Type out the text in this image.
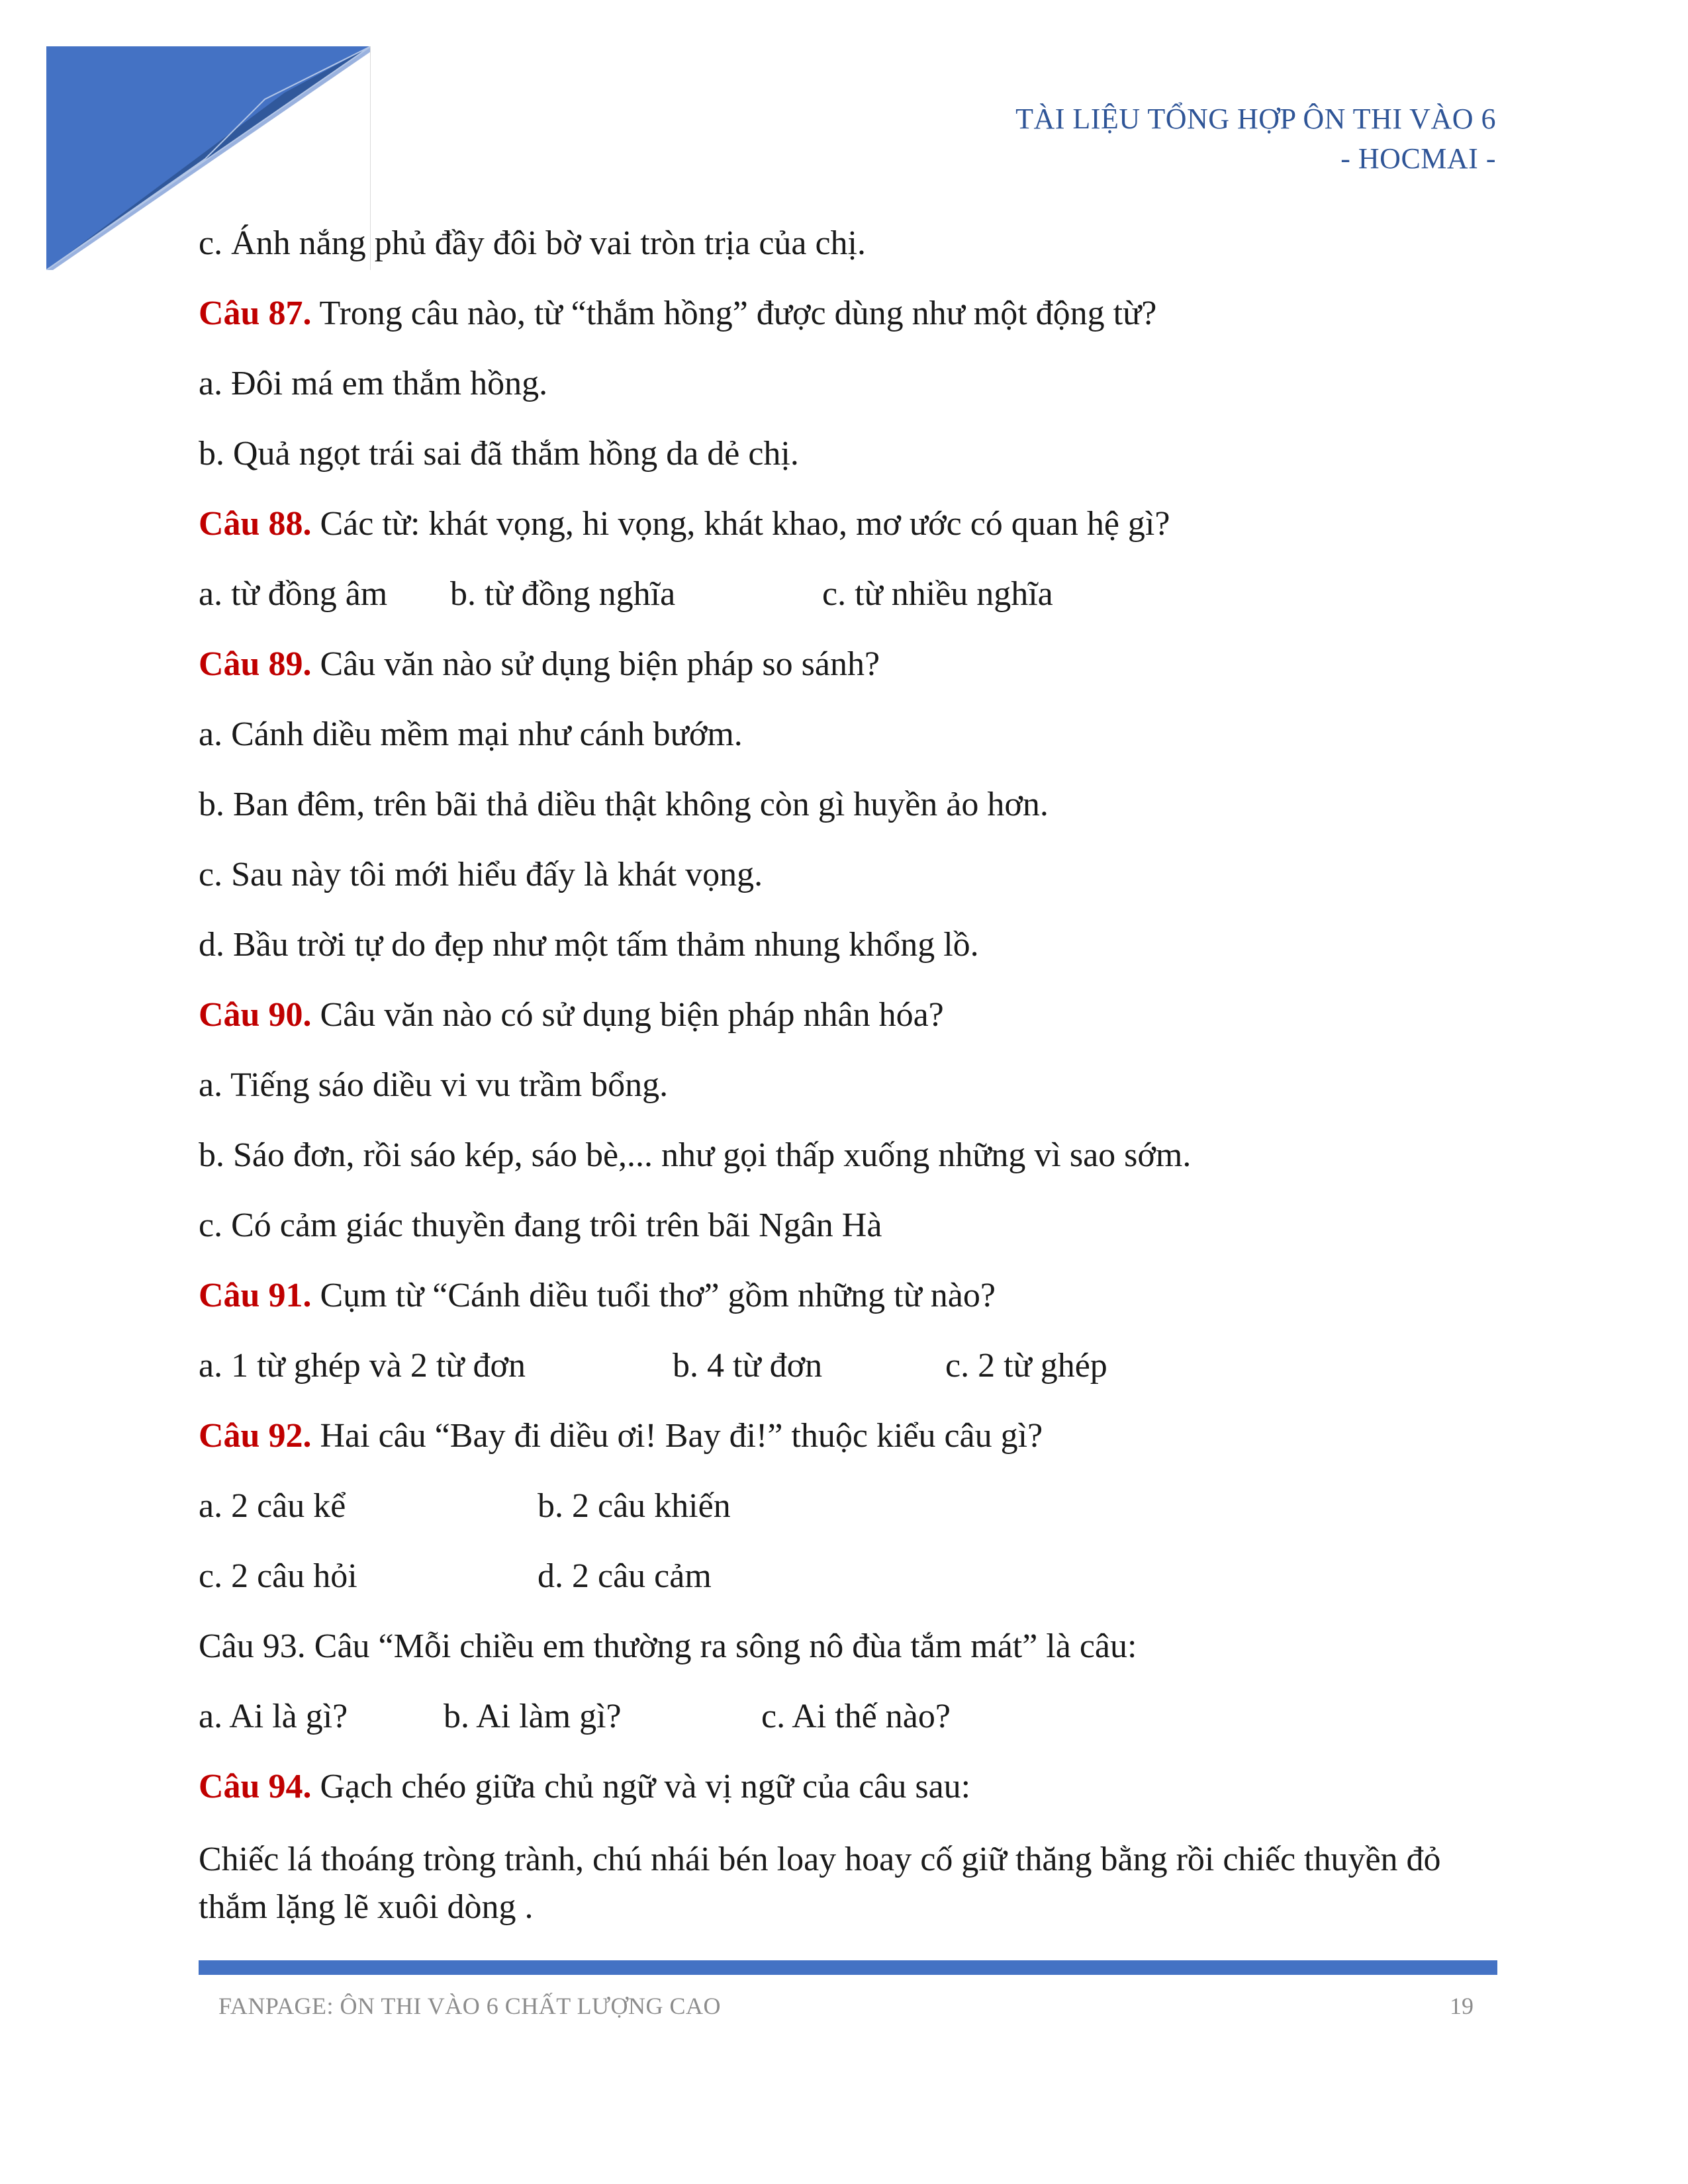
TÀI LIỆU TỔNG HỢP ÔN THI VÀO 6
- HOCMAI -
c. Ánh nắng phủ đầy đôi bờ vai tròn trịa của chị.
Câu 87. Trong câu nào, từ “thắm hồng” được dùng như một động từ?
a. Đôi má em thắm hồng.
b. Quả ngọt trái sai đã thắm hồng da dẻ chị.
Câu 88. Các từ: khát vọng, hi vọng, khát khao, mơ ước có quan hệ gì?
a. từ đồng âm b. từ đồng nghĩa	c. từ nhiều nghĩa
Câu 89. Câu văn nào sử dụng biện pháp so sánh?
a. Cánh diều mềm mại như cánh bướm.
b. Ban đêm, trên bãi thả diều thật không còn gì huyền ảo hơn.
c. Sau này tôi mới hiểu đấy là khát vọng.
d. Bầu trời tự do đẹp như một tấm thảm nhung khổng lồ.
Câu 90. Câu văn nào có sử dụng biện pháp nhân hóa?
a. Tiếng sáo diều vi vu trầm bổng.
b. Sáo đơn, rồi sáo kép, sáo bè,... như gọi thấp xuống những vì sao sớm.
c. Có cảm giác thuyền đang trôi trên bãi Ngân Hà
Câu 91. Cụm từ “Cánh diều tuổi thơ” gồm những từ nào?
a. 1 từ ghép và 2 từ đơn	b. 4 từ đơn	c. 2 từ ghép
Câu 92. Hai câu “Bay đi diều ơi! Bay đi!” thuộc kiểu câu gì?
a. 2 câu kể	b. 2 câu khiến
c. 2 câu hỏi	d. 2 câu cảm
Câu 93. Câu “Mỗi chiều em thường ra sông nô đùa tắm mát” là câu:
a. Ai là gì?	b. Ai làm gì?	c. Ai thế nào?
Câu 94. Gạch chéo giữa chủ ngữ và vị ngữ của câu sau:
Chiếc lá thoáng tròng trành, chú nhái bén loay hoay cố giữ thăng bằng rồi chiếc thuyền đỏ thắm lặng lẽ xuôi dòng .
FANPAGE: ÔN THI VÀO 6 CHẤT LƯỢNG CAO	19
